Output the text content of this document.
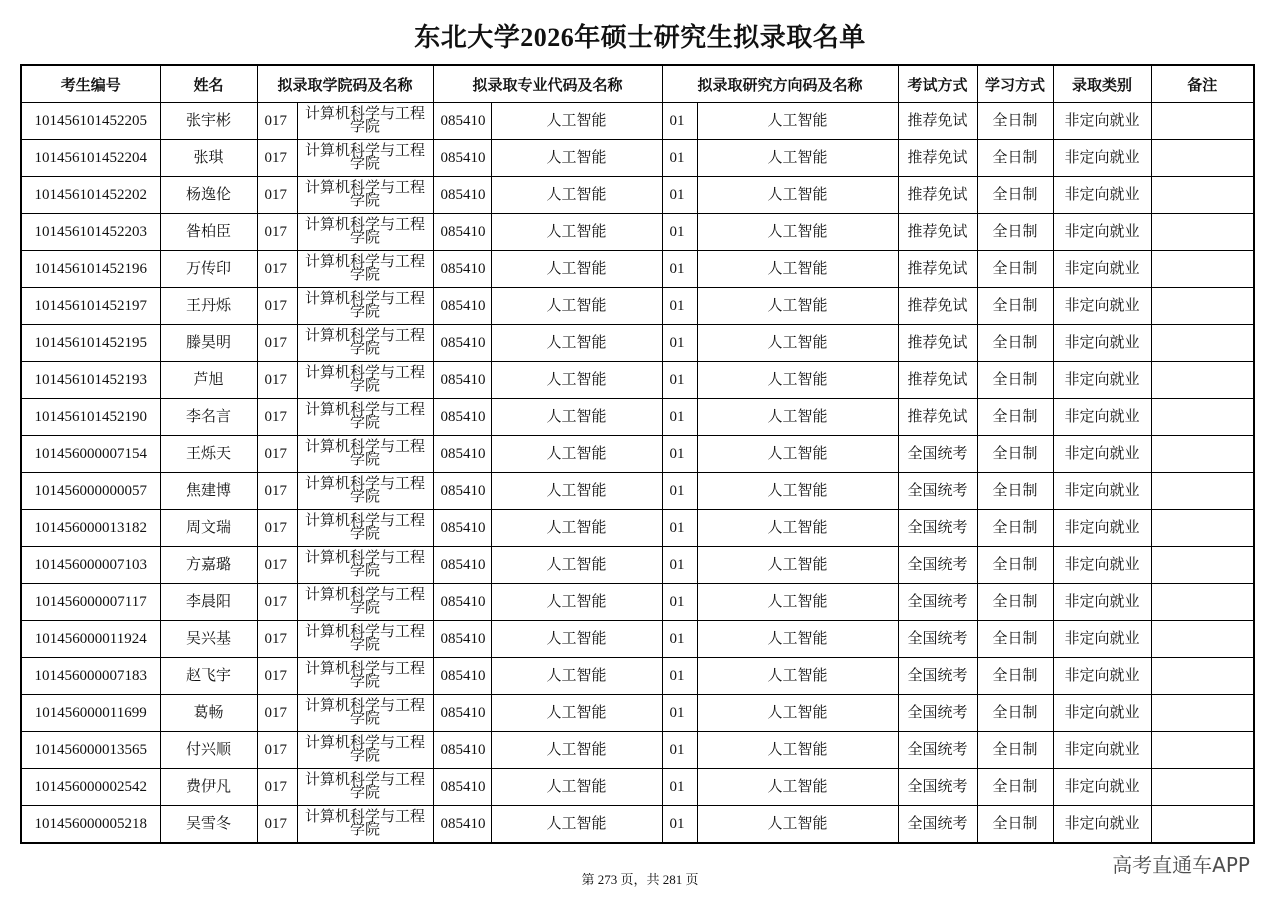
东北大学2026年硕士研究生拟录取名单
考生编号	姓名	拟录取学院码及名称		拟录取专业代码及名称		拟录取研究方向码及名称		考试方式	学习方式	录取类别	备注
101456101452205	张宇彬	017	计算机科学与工程学院	085410	人工智能	01	人工智能	推荐免试	全日制	非定向就业	
101456101452204	张琪	017	计算机科学与工程学院	085410	人工智能	01	人工智能	推荐免试	全日制	非定向就业	
101456101452202	杨逸伦	017	计算机科学与工程学院	085410	人工智能	01	人工智能	推荐免试	全日制	非定向就业	
101456101452203	昝柏臣	017	计算机科学与工程学院	085410	人工智能	01	人工智能	推荐免试	全日制	非定向就业	
101456101452196	万传印	017	计算机科学与工程学院	085410	人工智能	01	人工智能	推荐免试	全日制	非定向就业	
101456101452197	王丹烁	017	计算机科学与工程学院	085410	人工智能	01	人工智能	推荐免试	全日制	非定向就业	
101456101452195	滕昊明	017	计算机科学与工程学院	085410	人工智能	01	人工智能	推荐免试	全日制	非定向就业	
101456101452193	芦旭	017	计算机科学与工程学院	085410	人工智能	01	人工智能	推荐免试	全日制	非定向就业	
101456101452190	李名言	017	计算机科学与工程学院	085410	人工智能	01	人工智能	推荐免试	全日制	非定向就业	
101456000007154	王烁天	017	计算机科学与工程学院	085410	人工智能	01	人工智能	全国统考	全日制	非定向就业	
101456000000057	焦建博	017	计算机科学与工程学院	085410	人工智能	01	人工智能	全国统考	全日制	非定向就业	
101456000013182	周文瑞	017	计算机科学与工程学院	085410	人工智能	01	人工智能	全国统考	全日制	非定向就业	
101456000007103	方嘉璐	017	计算机科学与工程学院	085410	人工智能	01	人工智能	全国统考	全日制	非定向就业	
101456000007117	李晨阳	017	计算机科学与工程学院	085410	人工智能	01	人工智能	全国统考	全日制	非定向就业	
101456000011924	吴兴基	017	计算机科学与工程学院	085410	人工智能	01	人工智能	全国统考	全日制	非定向就业	
101456000007183	赵飞宇	017	计算机科学与工程学院	085410	人工智能	01	人工智能	全国统考	全日制	非定向就业	
101456000011699	葛畅	017	计算机科学与工程学院	085410	人工智能	01	人工智能	全国统考	全日制	非定向就业	
101456000013565	付兴顺	017	计算机科学与工程学院	085410	人工智能	01	人工智能	全国统考	全日制	非定向就业	
101456000002542	费伊凡	017	计算机科学与工程学院	085410	人工智能	01	人工智能	全国统考	全日制	非定向就业	
101456000005218	吴雪冬	017	计算机科学与工程学院	085410	人工智能	01	人工智能	全国统考	全日制	非定向就业	
第 273 页，共 281 页
高考直通车APP
